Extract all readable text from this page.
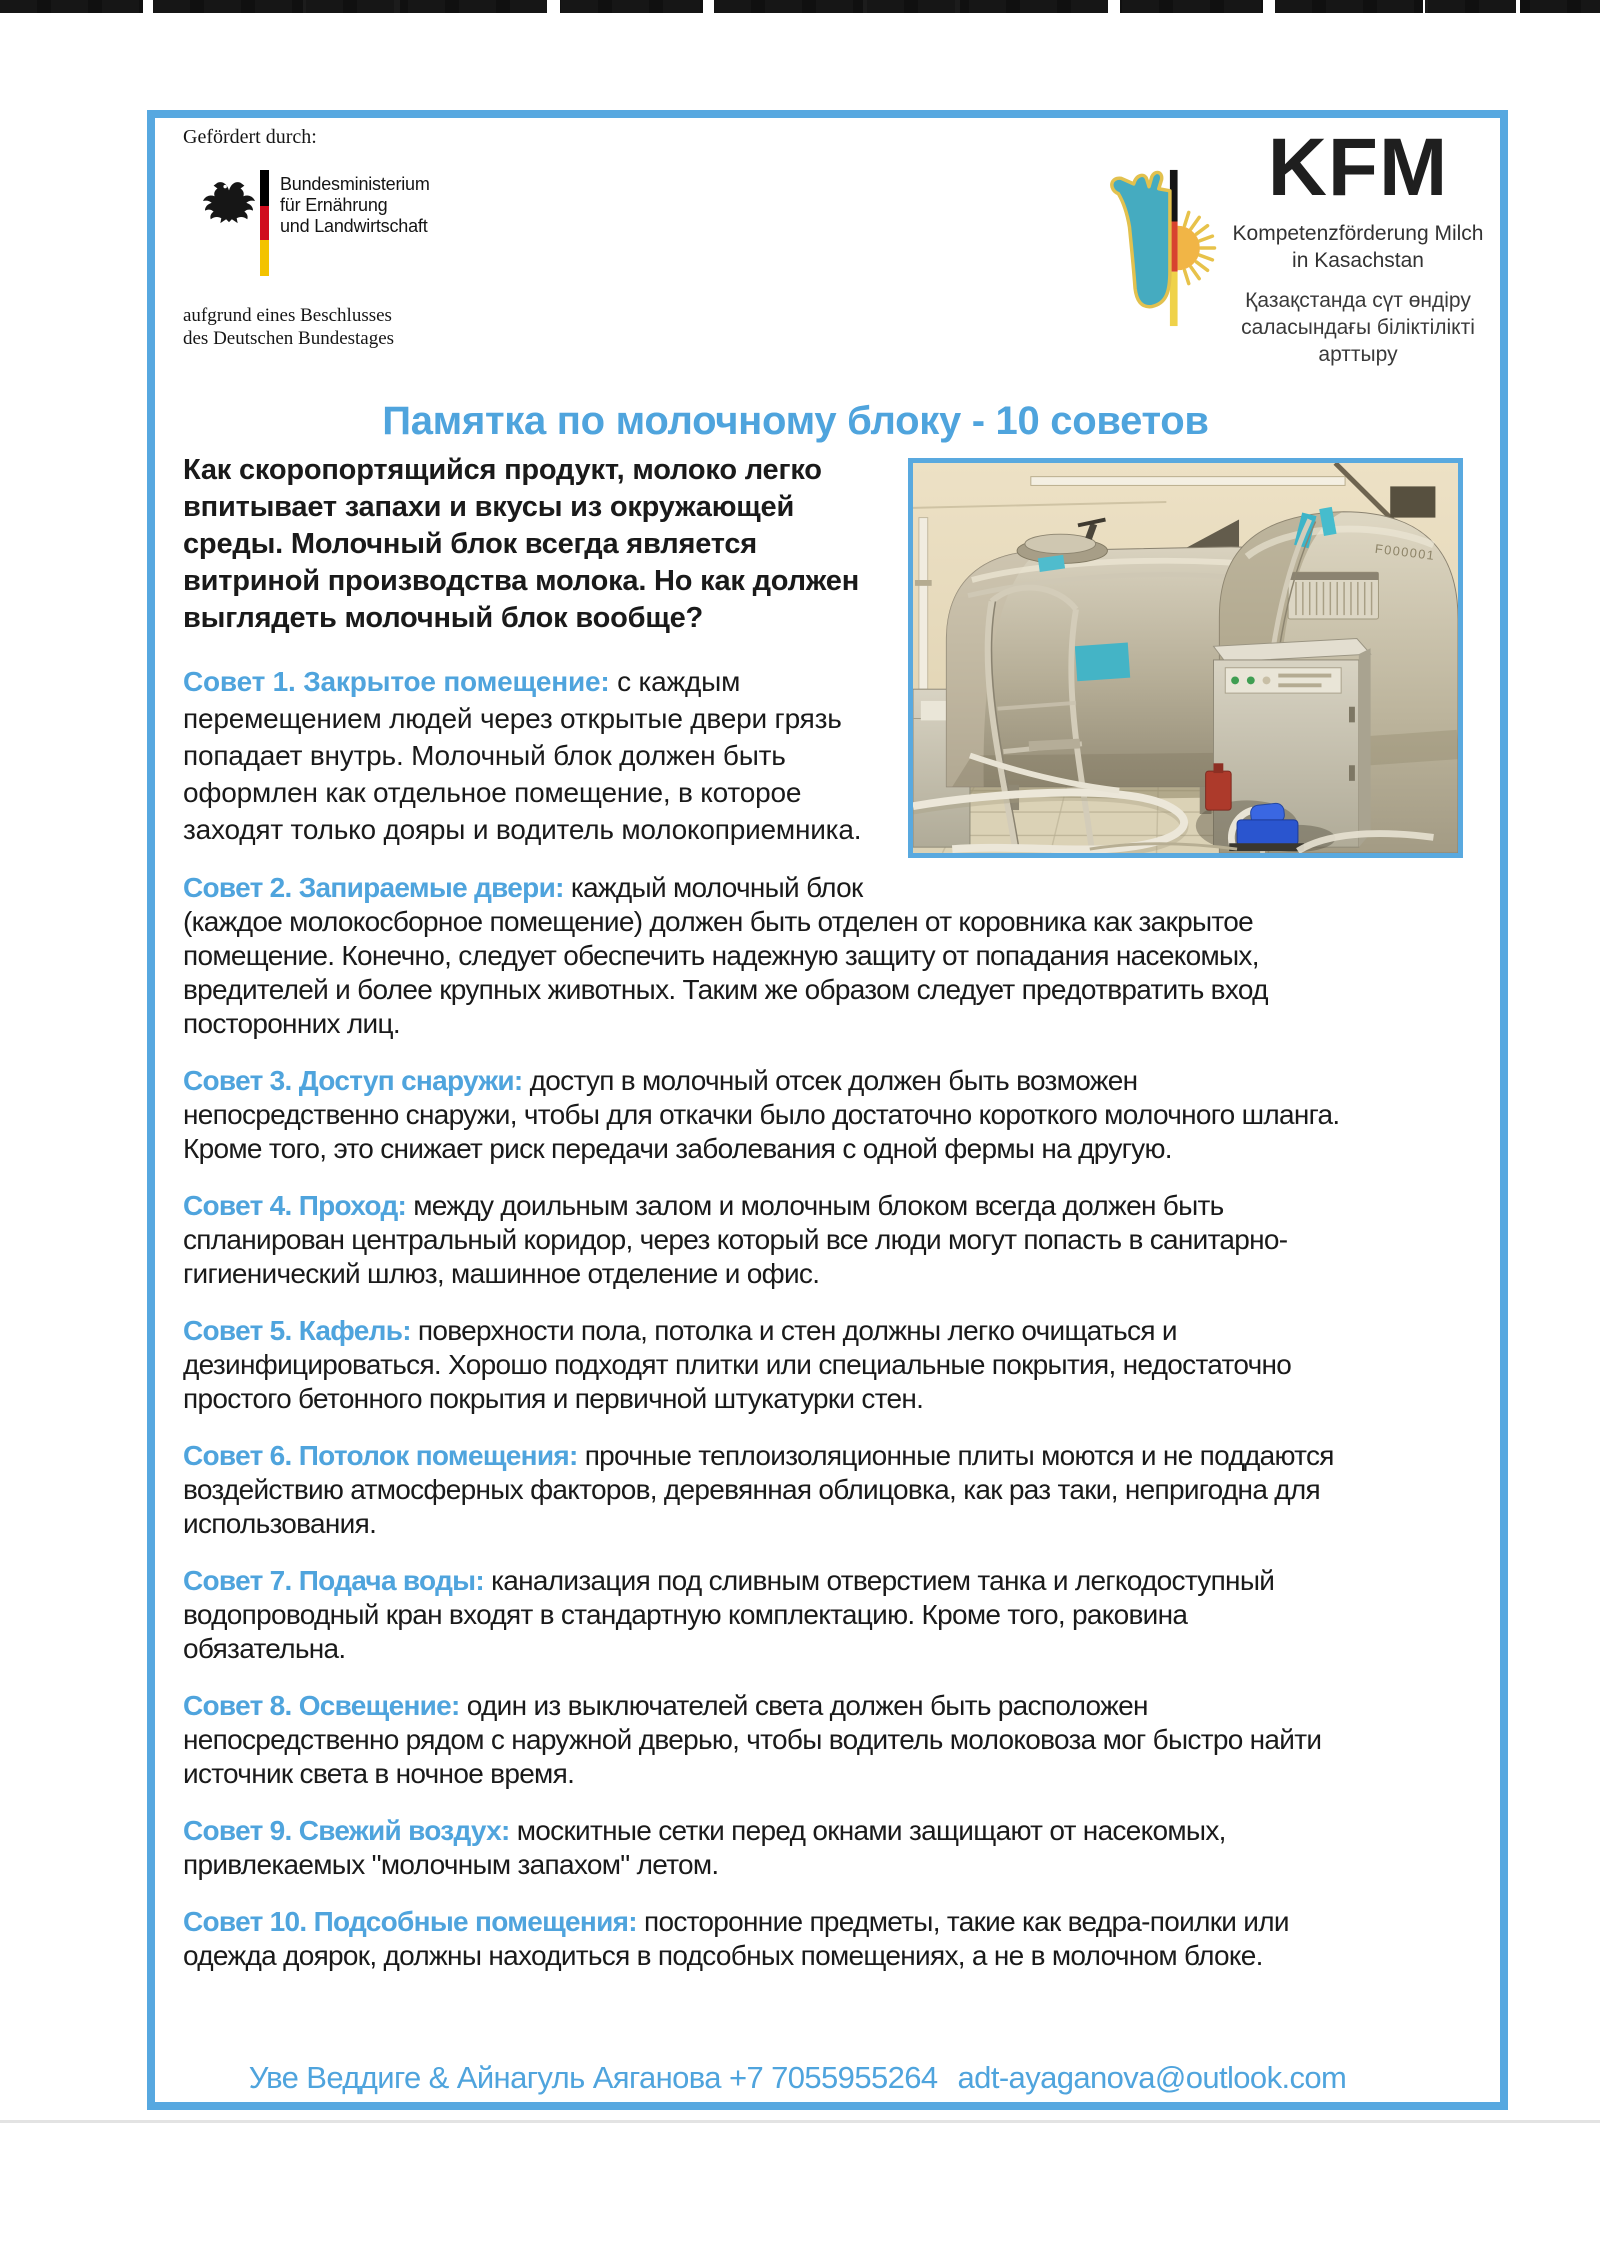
Gefördert durch:
Bundesministerium
für Ernährung
und Landwirtschaft
aufgrund eines Beschlusses
des Deutschen Bundestages
KFM
Kompetenzförderung Milch
in Kasachstan
Қазақстанда сүт өндіру
саласындағы біліктілікті арттыру
Памятка по молочному блоку - 10 советов
F000001

Как скоропортящийся продукт, молоко легко впитывает запахи и вкусы из окружающей среды. Молочный блок всегда является витриной производства молока. Но как должен выглядеть молочный блок вообще?

Совет 1. Закрытое помещение: с каждым перемещением людей через открытые двери грязь попадает внутрь. Молочный блок должен быть оформлен как отдельное помещение, в которое заходят только дояры и водитель молокоприемника.

Совет 2. Запираемые двери: каждый молочный блок (каждое молокосборное помещение) должен быть отделен от коровника как закрытое помещение. Конечно, следует обеспечить надежную защиту от попадания насекомых, вредителей и более крупных животных. Таким же образом следует предотвратить вход посторонних лиц.

Совет 3. Доступ снаружи: доступ в молочный отсек должен быть возможен непосредственно снаружи, чтобы для откачки было достаточно короткого молочного шланга. Кроме того, это снижает риск передачи заболевания с одной фермы на другую.

Совет 4. Проход: между доильным залом и молочным блоком всегда должен быть спланирован центральный коридор, через который все люди могут попасть в санитарно-гигиенический шлюз, машинное отделение и офис.

Совет 5. Кафель: поверхности пола, потолка и стен должны легко очищаться и дезинфицироваться. Хорошо подходят плитки или специальные покрытия, недостаточно простого бетонного покрытия и первичной штукатурки стен.

Совет 6. Потолок помещения: прочные теплоизоляционные плиты моются и не поддаются воздействию атмосферных факторов, деревянная облицовка, как раз таки, непригодна для использования.

Совет 7. Подача воды: канализация под сливным отверстием танка и легкодоступный водопроводный кран входят в стандартную комплектацию. Кроме того, раковина обязательна.

Совет 8. Освещение: один из выключателей света должен быть расположен непосредственно рядом с наружной дверью, чтобы водитель молоковоза мог быстро найти источник света в ночное время.

Совет 9. Свежий воздух: москитные сетки перед окнами защищают от насекомых, привлекаемых "молочным запахом" летом.

Совет 10. Подсобные помещения: посторонние предметы, такие как ведра-поилки или одежда доярок, должны находиться в подсобных помещениях, а не в молочном блоке.

Уве Веддиге & Айнагуль Аяганова +7 7055955264 adt-ayaganova@outlook.com
